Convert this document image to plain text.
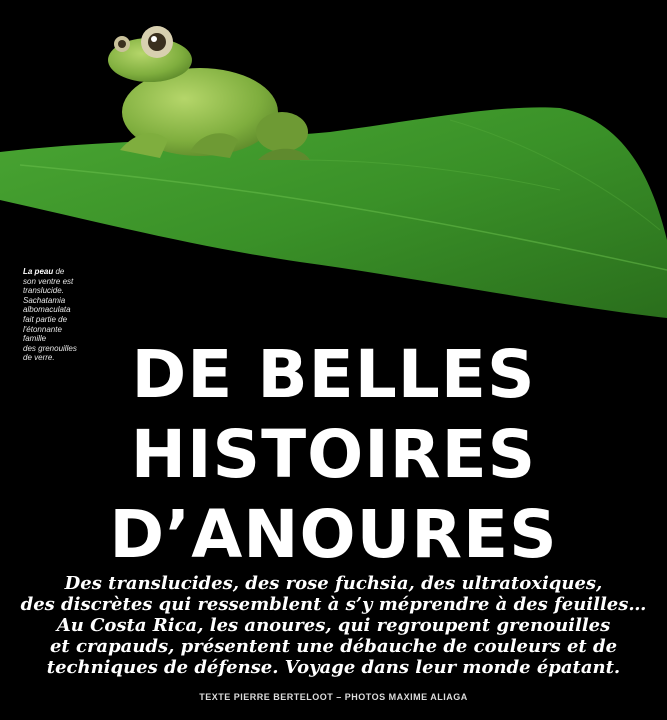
La peau de
son ventre est
translucide.
Sachatamia
albomaculata
fait partie de
l'étonnante famille
des grenouilles
de verre.	DE BELLES
HISTOIRES
D’ANOURES
Des translucides, des rose fuchsia, des ultratoxiques,
des discrètes qui ressemblent à s’y méprendre à des feuilles…
Au Costa Rica, les anoures, qui regroupent grenouilles
et crapauds, présentent une débauche de couleurs et de
techniques de défense. Voyage dans leur monde épatant.
TEXTE PIERRE BERTELOOT – PHOTOS MAXIME ALIAGA
